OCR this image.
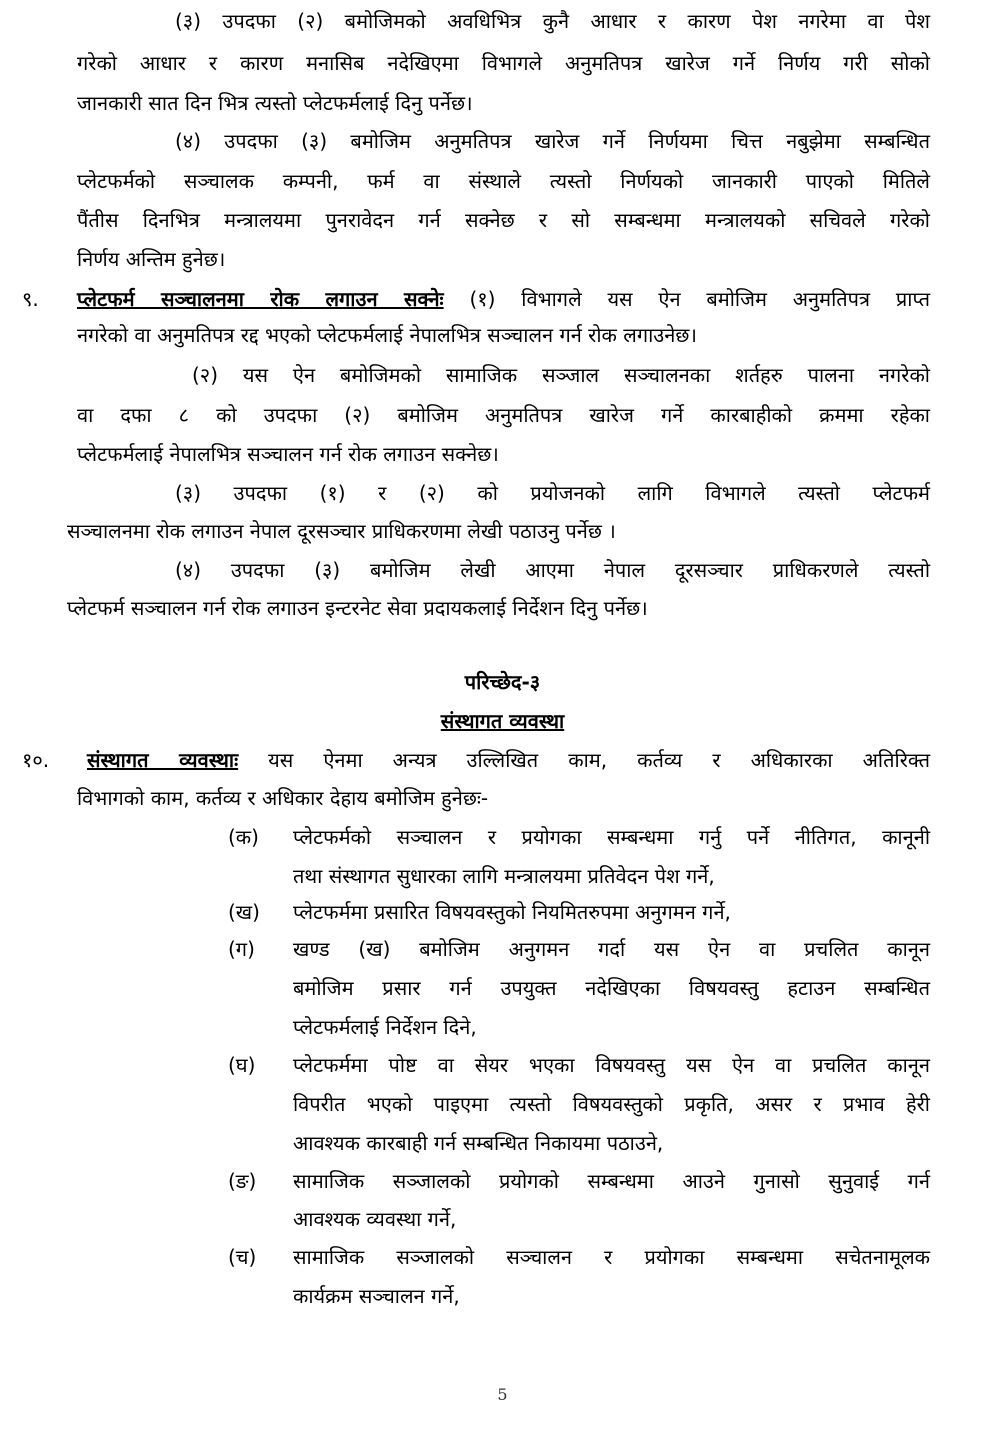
(३) उपदफा (२) बमोजिमको अवधिभित्र कुनै आधार र कारण पेश नगरेमा वा पेश
गरेको आधार र कारण मनासिब नदेखिएमा विभागले अनुमतिपत्र खारेज गर्ने निर्णय गरी सोको
जानकारी सात दिन भित्र त्यस्तो प्लेटफर्मलाई दिनु पर्नेछ।
(४) उपदफा (३) बमोजिम अनुमतिपत्र खारेज गर्ने निर्णयमा चित्त नबुझेमा सम्बन्धित
प्लेटफर्मको सञ्चालक कम्पनी, फर्म वा संस्थाले त्यस्तो निर्णयको जानकारी पाएको मितिले
पैंतीस दिनभित्र मन्त्रालयमा पुनरावेदन गर्न सक्नेछ र सो सम्बन्धमा मन्त्रालयको सचिवले गरेको
निर्णय अन्तिम हुनेछ।
९. प्लेटफर्म सञ्चालनमा रोक लगाउन सक्नेः (१) विभागले यस ऐन बमोजिम अनुमतिपत्र प्राप्त
नगरेको वा अनुमतिपत्र रद्द भएको प्लेटफर्मलाई नेपालभित्र सञ्चालन गर्न रोक लगाउनेछ।
(२) यस ऐन बमोजिमको सामाजिक सञ्जाल सञ्चालनका शर्तहरु पालना नगरेको
वा दफा ८ को उपदफा (२) बमोजिम अनुमतिपत्र खारेज गर्ने कारबाहीको क्रममा रहेका
प्लेटफर्मलाई नेपालभित्र सञ्चालन गर्न रोक लगाउन सक्नेछ।
(३) उपदफा (१) र (२) को प्रयोजनको लागि विभागले त्यस्तो प्लेटफर्म
सञ्चालनमा रोक लगाउन नेपाल दूरसञ्चार प्राधिकरणमा लेखी पठाउनु पर्नेछ ।
(४) उपदफा (३) बमोजिम लेखी आएमा नेपाल दूरसञ्चार प्राधिकरणले त्यस्तो
प्लेटफर्म सञ्चालन गर्न रोक लगाउन इन्टरनेट सेवा प्रदायकलाई निर्देशन दिनु पर्नेछ।
परिच्छेद-३
संस्थागत व्यवस्था
१०. संस्थागत व्यवस्थाः यस ऐनमा अन्यत्र उल्लिखित काम, कर्तव्य र अधिकारका अतिरिक्त
विभागको काम, कर्तव्य र अधिकार देहाय बमोजिम हुनेछः-
(क) प्लेटफर्मको सञ्चालन र प्रयोगका सम्बन्धमा गर्नु पर्ने नीतिगत, कानूनी
तथा संस्थागत सुधारका लागि मन्त्रालयमा प्रतिवेदन पेश गर्ने,
(ख) प्लेटफर्ममा प्रसारित विषयवस्तुको नियमितरुपमा अनुगमन गर्ने,
(ग) खण्ड (ख) बमोजिम अनुगमन गर्दा यस ऐन वा प्रचलित कानून
बमोजिम प्रसार गर्न उपयुक्त नदेखिएका विषयवस्तु हटाउन सम्बन्धित
प्लेटफर्मलाई निर्देशन दिने,
(घ) प्लेटफर्ममा पोष्ट वा सेयर भएका विषयवस्तु यस ऐन वा प्रचलित कानून
विपरीत भएको पाइएमा त्यस्तो विषयवस्तुको प्रकृति, असर र प्रभाव हेरी
आवश्यक कारबाही गर्न सम्बन्धित निकायमा पठाउने,
(ङ) सामाजिक सञ्जालको प्रयोगको सम्बन्धमा आउने गुनासो सुनुवाई गर्न
आवश्यक व्यवस्था गर्ने,
(च) सामाजिक सञ्जालको सञ्चालन र प्रयोगका सम्बन्धमा सचेतनामूलक
कार्यक्रम सञ्चालन गर्ने,
5
